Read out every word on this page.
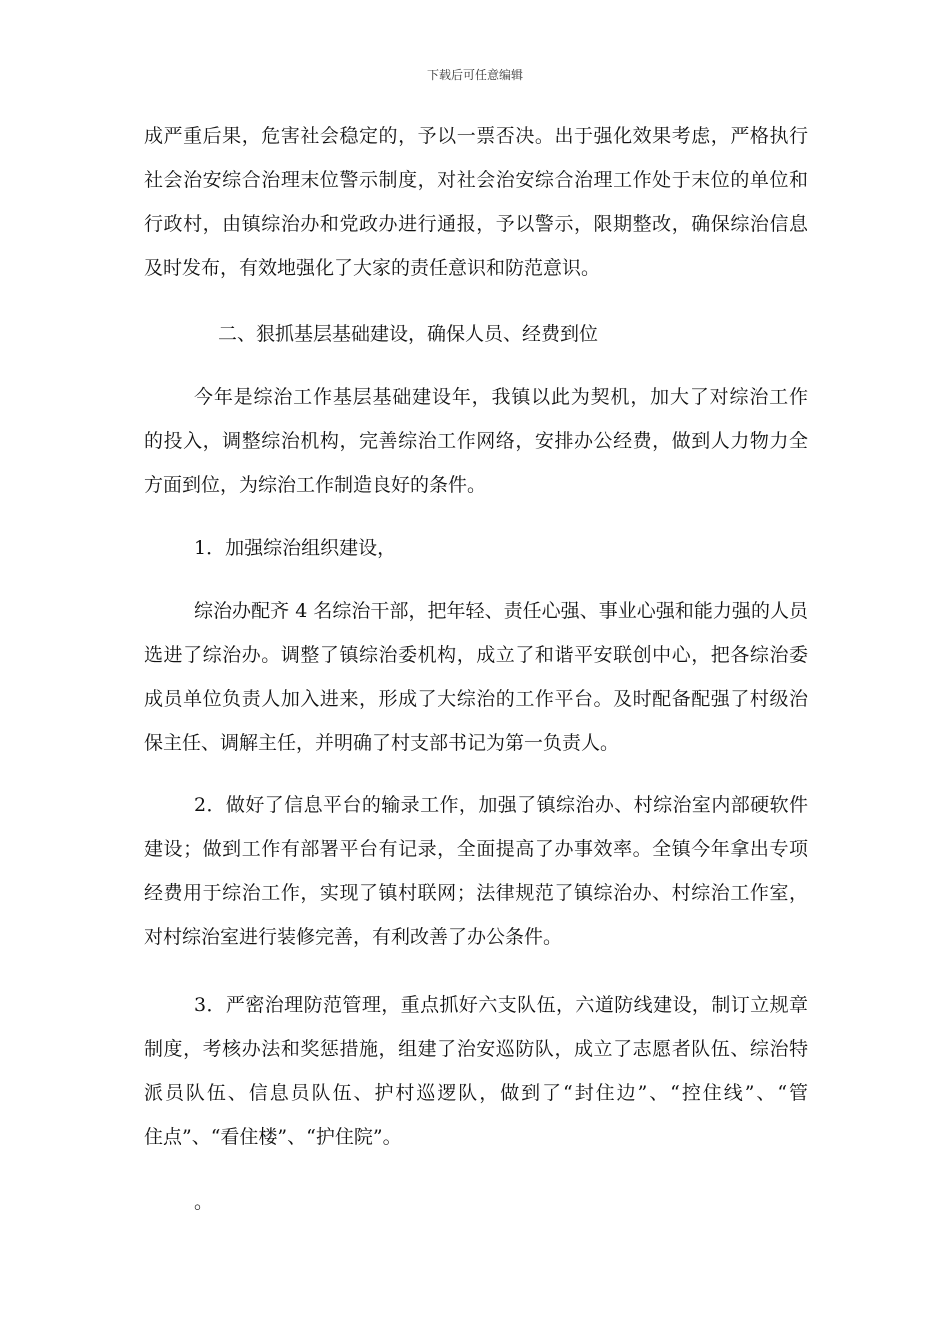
下载后可任意编辑
成严重后果，危害社会稳定的，予以一票否决。出于强化效果考虑，严格执行
社会治安综合治理末位警示制度，对社会治安综合治理工作处于末位的单位和
行政村，由镇综治办和党政办进行通报，予以警示，限期整改，确保综治信息
及时发布，有效地强化了大家的责任意识和防范意识。
二、狠抓基层基础建设，确保人员、经费到位
今年是综治工作基层基础建设年，我镇以此为契机，加大了对综治工作
的投入，调整综治机构，完善综治工作网络，安排办公经费，做到人力物力全
方面到位，为综治工作制造良好的条件。
1．加强综治组织建设，
综治办配齐 4 名综治干部，把年轻、责任心强、事业心强和能力强的人员
选进了综治办。调整了镇综治委机构，成立了和谐平安联创中心，把各综治委
成员单位负责人加入进来，形成了大综治的工作平台。及时配备配强了村级治
保主任、调解主任，并明确了村支部书记为第一负责人。
2．做好了信息平台的输录工作，加强了镇综治办、村综治室内部硬软件
建设；做到工作有部署平台有记录，全面提高了办事效率。全镇今年拿出专项
经费用于综治工作，实现了镇村联网；法律规范了镇综治办、村综治工作室，
对村综治室进行装修完善，有利改善了办公条件。
3．严密治理防范管理，重点抓好六支队伍，六道防线建设，制订立规章
制度，考核办法和奖惩措施，组建了治安巡防队，成立了志愿者队伍、综治特
派员队伍、信息员队伍、护村巡逻队，做到了“封住边”、“控住线”、“管
住点”、“看住楼”、“护住院”。
。
